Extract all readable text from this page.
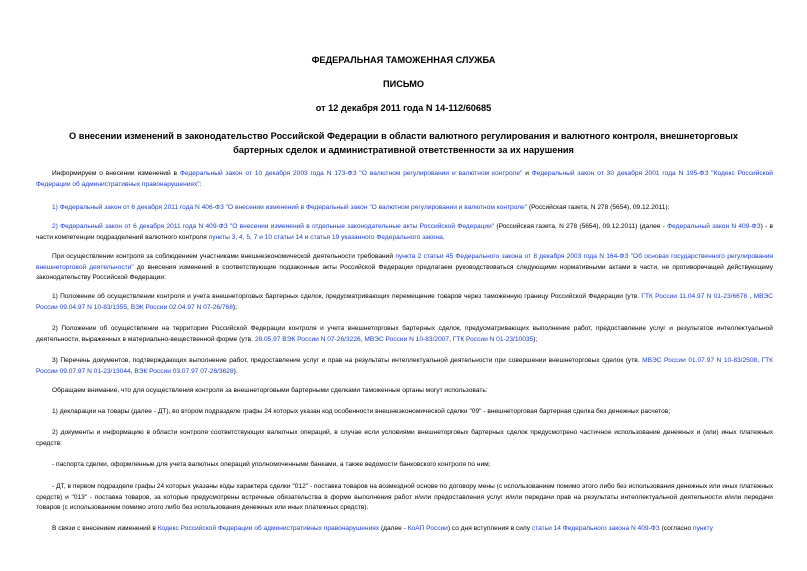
ФЕДЕРАЛЬНАЯ ТАМОЖЕННАЯ СЛУЖБА
ПИСЬМО
от 12 декабря 2011 года N 14-112/60685
О внесении изменений в законодательство Российской Федерации в области валютного регулирования и валютного контроля, внешнеторговых бартерных сделок и административной ответственности за их нарушения

Информируем о внесении изменений в Федеральный закон от 10 декабря 2003 года N 173-ФЗ "О валютном регулировании и валютном контроле" и Федеральный закон от 30 декабря 2001 года N 195-ФЗ "Кодекс Российской Федерации об административных правонарушениях":

1) Федеральный закон от 6 декабря 2011 года N 406-ФЗ "О внесении изменений в Федеральный закон "О валютном регулировании и валютном контроле" (Российская газета, N 278 (5654), 09.12.2011);

2) Федеральный закон от 6 декабря 2011 года N 409-ФЗ "О внесении изменений в отдельные законодательные акты Российской Федерации" (Российская газета, N 278 (5654), 09.12.2011) (далее - Федеральный закон N 409-ФЗ) - в части компетенции подразделений валютного контроля пункты 3, 4, 5, 7 и 10 статьи 14 и статья 19 указанного Федерального закона.

При осуществлении контроля за соблюдением участниками внешнеэкономической деятельности требований пункта 2 статьи 45 Федерального закона от 8 декабря 2003 года N 164-ФЗ "Об основах государственного регулирования внешнеторговой деятельности" до внесения изменений в соответствующие подзаконные акты Российской Федерации предлагаем руководствоваться следующими нормативными актами в части, не противоречащей действующему законодательству Российской Федерации:

1) Положение об осуществлении контроля и учета внешнеторговых бартерных сделок, предусматривающих перемещение товаров через таможенную границу Российской Федерации (утв. ГТК России 11.04.97 N 01-23/6678 , МВЭС России 09.04.97 N 10-83/1355, ВЭК России 02.04.97 N 07-26/768);

2) Положение об осуществлении на территории Российской Федерации контроля и учета внешнеторговых бартерных сделок, предусматривающих выполнение работ, предоставление услуг и результатов интеллектуальной деятельности, выраженных в материально-вещественной форме (утв. 28.05.97 ВЭК России N 07-26/3226, МВЭС России N 10-83/2007, ГТК России N 01-23/10035);

3) Перечень документов, подтверждающих выполнение работ, предоставление услуг и прав на результаты интеллектуальной деятельности при совершении внешнеторговых сделок (утв. МВЭС России 01.07.97 N 10-83/2508, ГТК России 09.07.97 N 01-23/13044, ВЭК России 03.07.97 07-26/3628).

Обращаем внимание, что для осуществления контроля за внешнеторговыми бартерными сделками таможенные органы могут использовать:

1) декларации на товары (далее - ДТ), во втором подразделе графы 24 которых указан код особенности внешнеэкономической сделки "09" - внешнеторговая бартерная сделка без денежных расчетов;

2) документы и информацию в области контроля соответствующих валютных операций, в случае если условиями внешнеторговых бартерных сделок предусмотрено частичное использование денежных и (или) иных платежных средств:

- паспорта сделки, оформленные для учета валютных операций уполномоченными банками, а также ведомости банковского контроля по ним;

- ДТ, в первом подразделе графы 24 которых указаны коды характера сделки "012" - поставка товаров на возмездной основе по договору мены (с использованием помимо этого либо без использования денежных или иных платежных средств) и "013" - поставка товаров, за которые предусмотрены встречные обязательства в форме выполнения работ и/или предоставления услуг и/или передачи прав на результаты интеллектуальной деятельности и/или передачи товаров (с использованием помимо этого либо без использования денежных или иных платежных средств).

В связи с внесением изменений в Кодекс Российской Федерации об административных правонарушениях (далее - КоАП России) со дня вступления в силу статьи 14 Федерального закона N 409-ФЗ (согласно пункту
